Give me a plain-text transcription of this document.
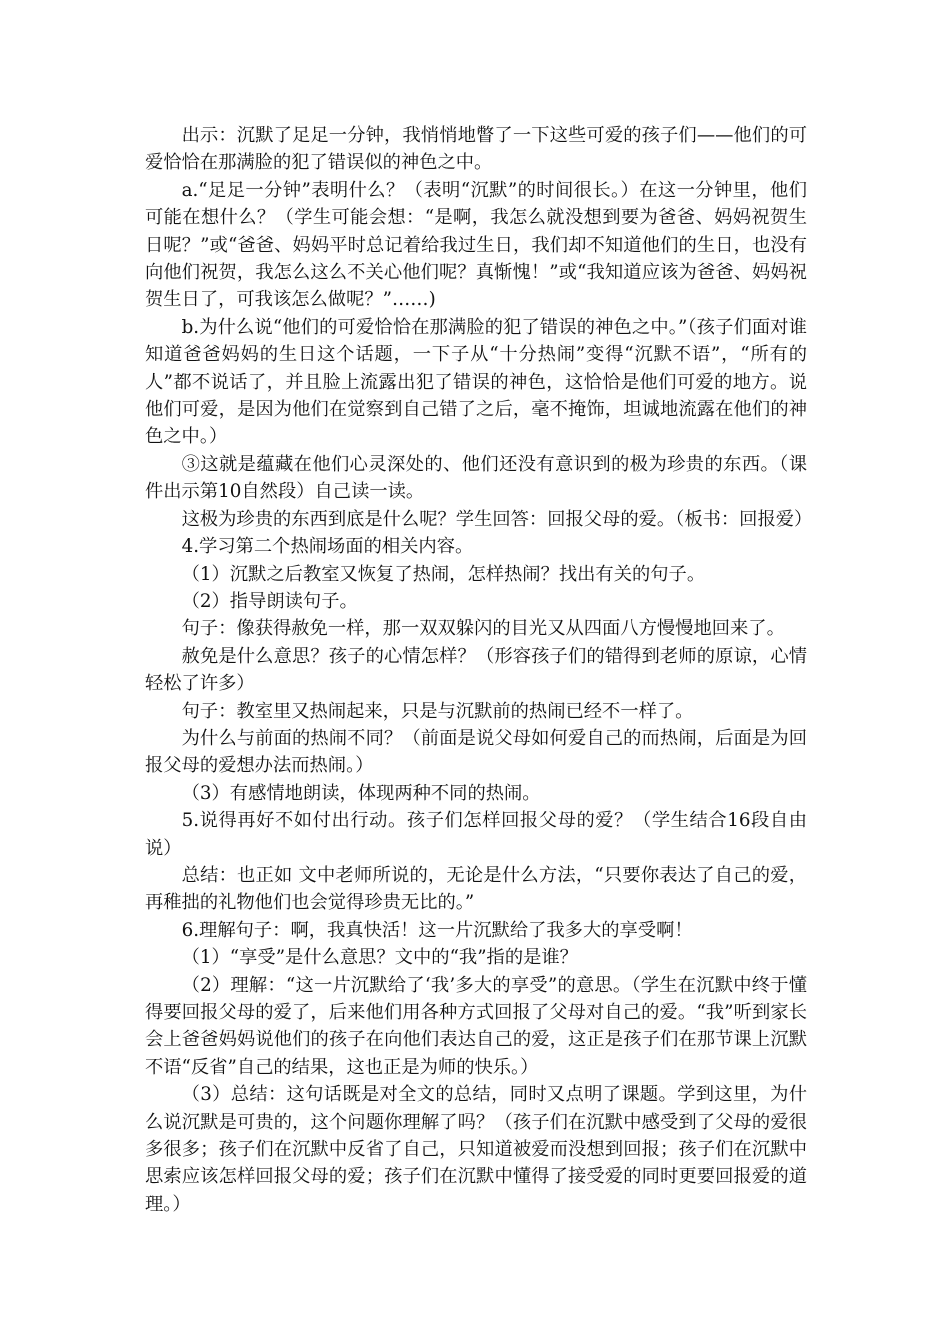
出示：沉默了足足一分钟，我悄悄地瞥了一下这些可爱的孩子们——他们的可爱恰恰在那满脸的犯了错误似的神色之中。

a.“足足一分钟”表明什么？（表明“沉默”的时间很长。）在这一分钟里，他们可能在想什么？（学生可能会想：“是啊，我怎么就没想到要为爸爸、妈妈祝贺生日呢？”或“爸爸、妈妈平时总记着给我过生日，我们却不知道他们的生日，也没有向他们祝贺，我怎么这么不关心他们呢？真惭愧！”或“我知道应该为爸爸、妈妈祝贺生日了，可我该怎么做呢？”……)

b.为什么说“他们的可爱恰恰在那满脸的犯了错误的神色之中。”（孩子们面对谁知道爸爸妈妈的生日这个话题，一下子从“十分热闹”变得“沉默不语”，“所有的人”都不说话了，并且脸上流露出犯了错误的神色，这恰恰是他们可爱的地方。说他们可爱，是因为他们在觉察到自己错了之后，毫不掩饰，坦诚地流露在他们的神色之中。）

③这就是蕴藏在他们心灵深处的、他们还没有意识到的极为珍贵的东西。（课件出示第10自然段）自己读一读。

这极为珍贵的东西到底是什么呢？学生回答：回报父母的爱。（板书：回报爱）

4.学习第二个热闹场面的相关内容。

（1）沉默之后教室又恢复了热闹，怎样热闹？找出有关的句子。

（2）指导朗读句子。

句子：像获得赦免一样，那一双双躲闪的目光又从四面八方慢慢地回来了。

赦免是什么意思？孩子的心情怎样？（形容孩子们的错得到老师的原谅，心情轻松了许多）

句子：教室里又热闹起来，只是与沉默前的热闹已经不一样了。

为什么与前面的热闹不同？（前面是说父母如何爱自己的而热闹，后面是为回报父母的爱想办法而热闹。）

（3）有感情地朗读，体现两种不同的热闹。

5.说得再好不如付出行动。孩子们怎样回报父母的爱？（学生结合16段自由说）

总结：也正如 文中老师所说的，无论是什么方法，“只要你表达了自己的爱，再稚拙的礼物他们也会觉得珍贵无比的。”

6.理解句子：啊，我真快活！这一片沉默给了我多大的享受啊！

（1）“享受”是什么意思？文中的“我”指的是谁？

（2）理解：“这一片沉默给了‘我’多大的享受”的意思。（学生在沉默中终于懂得要回报父母的爱了，后来他们用各种方式回报了父母对自己的爱。“我”听到家长会上爸爸妈妈说他们的孩子在向他们表达自己的爱，这正是孩子们在那节课上沉默不语“反省”自己的结果，这也正是为师的快乐。）

（3）总结：这句话既是对全文的总结，同时又点明了课题。学到这里，为什么说沉默是可贵的，这个问题你理解了吗？（孩子们在沉默中感受到了父母的爱很多很多；孩子们在沉默中反省了自己，只知道被爱而没想到回报；孩子们在沉默中思索应该怎样回报父母的爱；孩子们在沉默中懂得了接受爱的同时更要回报爱的道理。）
